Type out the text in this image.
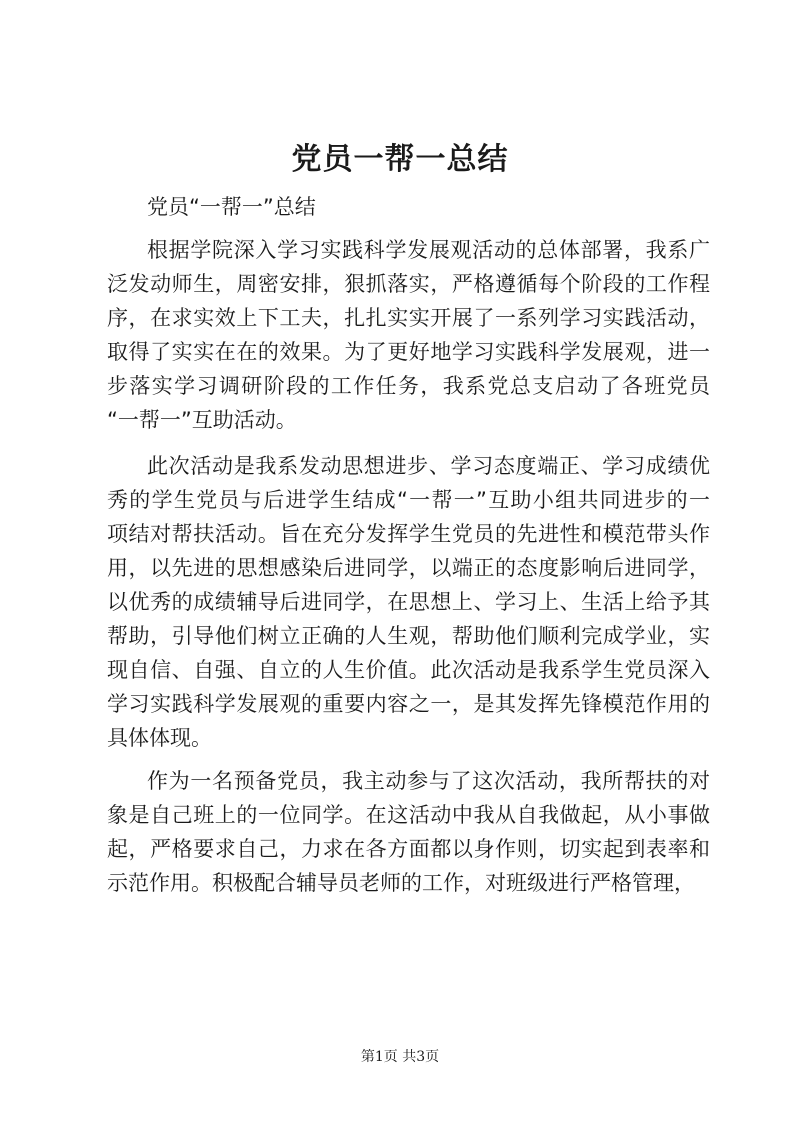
党员一帮一总结
党员“一帮一”总结
根据学院深入学习实践科学发展观活动的总体部署，我系广
泛发动师生，周密安排，狠抓落实，严格遵循每个阶段的工作程
序，在求实效上下工夫，扎扎实实开展了一系列学习实践活动，
取得了实实在在的效果。为了更好地学习实践科学发展观，进一
步落实学习调研阶段的工作任务，我系党总支启动了各班党员
“一帮一”互助活动。
此次活动是我系发动思想进步、学习态度端正、学习成绩优
秀的学生党员与后进学生结成“一帮一”互助小组共同进步的一
项结对帮扶活动。旨在充分发挥学生党员的先进性和模范带头作
用，以先进的思想感染后进同学，以端正的态度影响后进同学，
以优秀的成绩辅导后进同学，在思想上、学习上、生活上给予其
帮助，引导他们树立正确的人生观，帮助他们顺利完成学业，实
现自信、自强、自立的人生价值。此次活动是我系学生党员深入
学习实践科学发展观的重要内容之一，是其发挥先锋模范作用的
具体体现。
作为一名预备党员，我主动参与了这次活动，我所帮扶的对
象是自己班上的一位同学。在这活动中我从自我做起，从小事做
起，严格要求自己，力求在各方面都以身作则，切实起到表率和
示范作用。积极配合辅导员老师的工作，对班级进行严格管理，
第1页 共3页
